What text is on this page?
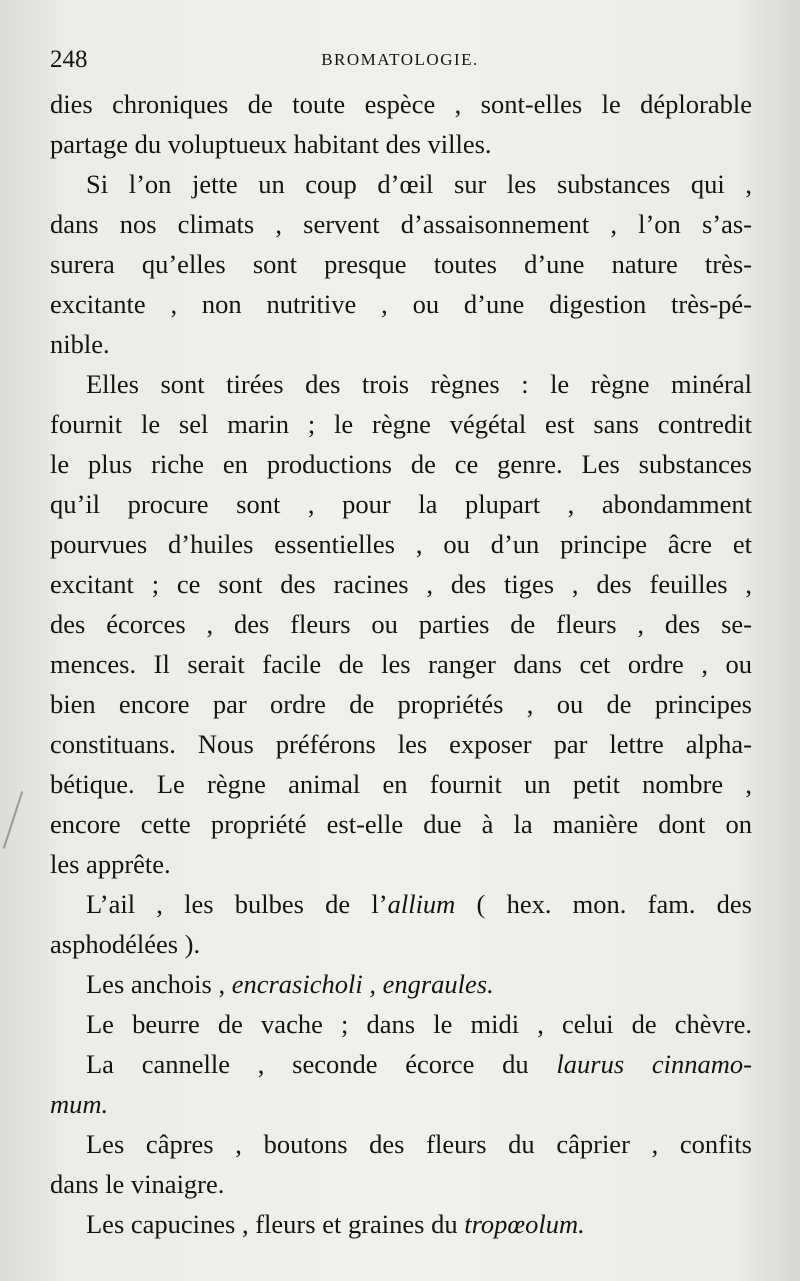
248	BROMATOLOGIE.
dies chroniques de toute espèce , sont-elles le déplorable
partage du voluptueux habitant des villes.
Si l’on jette un coup d’œil sur les substances qui ,
dans nos climats , servent d’assaisonnement , l’on s’as-
surera qu’elles sont presque toutes d’une nature très-
excitante , non nutritive , ou d’une digestion très-pé-
nible.
Elles sont tirées des trois règnes : le règne minéral
fournit le sel marin ; le règne végétal est sans contredit
le plus riche en productions de ce genre. Les substances
qu’il procure sont , pour la plupart , abondamment
pourvues d’huiles essentielles , ou d’un principe âcre et
excitant ; ce sont des racines , des tiges , des feuilles ,
des écorces , des fleurs ou parties de fleurs , des se-
mences. Il serait facile de les ranger dans cet ordre , ou
bien encore par ordre de propriétés , ou de principes
constituans. Nous préférons les exposer par lettre alpha-
bétique. Le règne animal en fournit un petit nombre ,
encore cette propriété est-elle due à la manière dont on
les apprête.
L’ail , les bulbes de l’allium ( hex. mon. fam. des
asphodélées ).
Les anchois , encrasicholi , engraules.
Le beurre de vache ; dans le midi , celui de chèvre.
La cannelle , seconde écorce du laurus cinnamo-
mum.
Les câpres , boutons des fleurs du câprier , confits
dans le vinaigre.
Les capucines , fleurs et graines du tropœolum.
